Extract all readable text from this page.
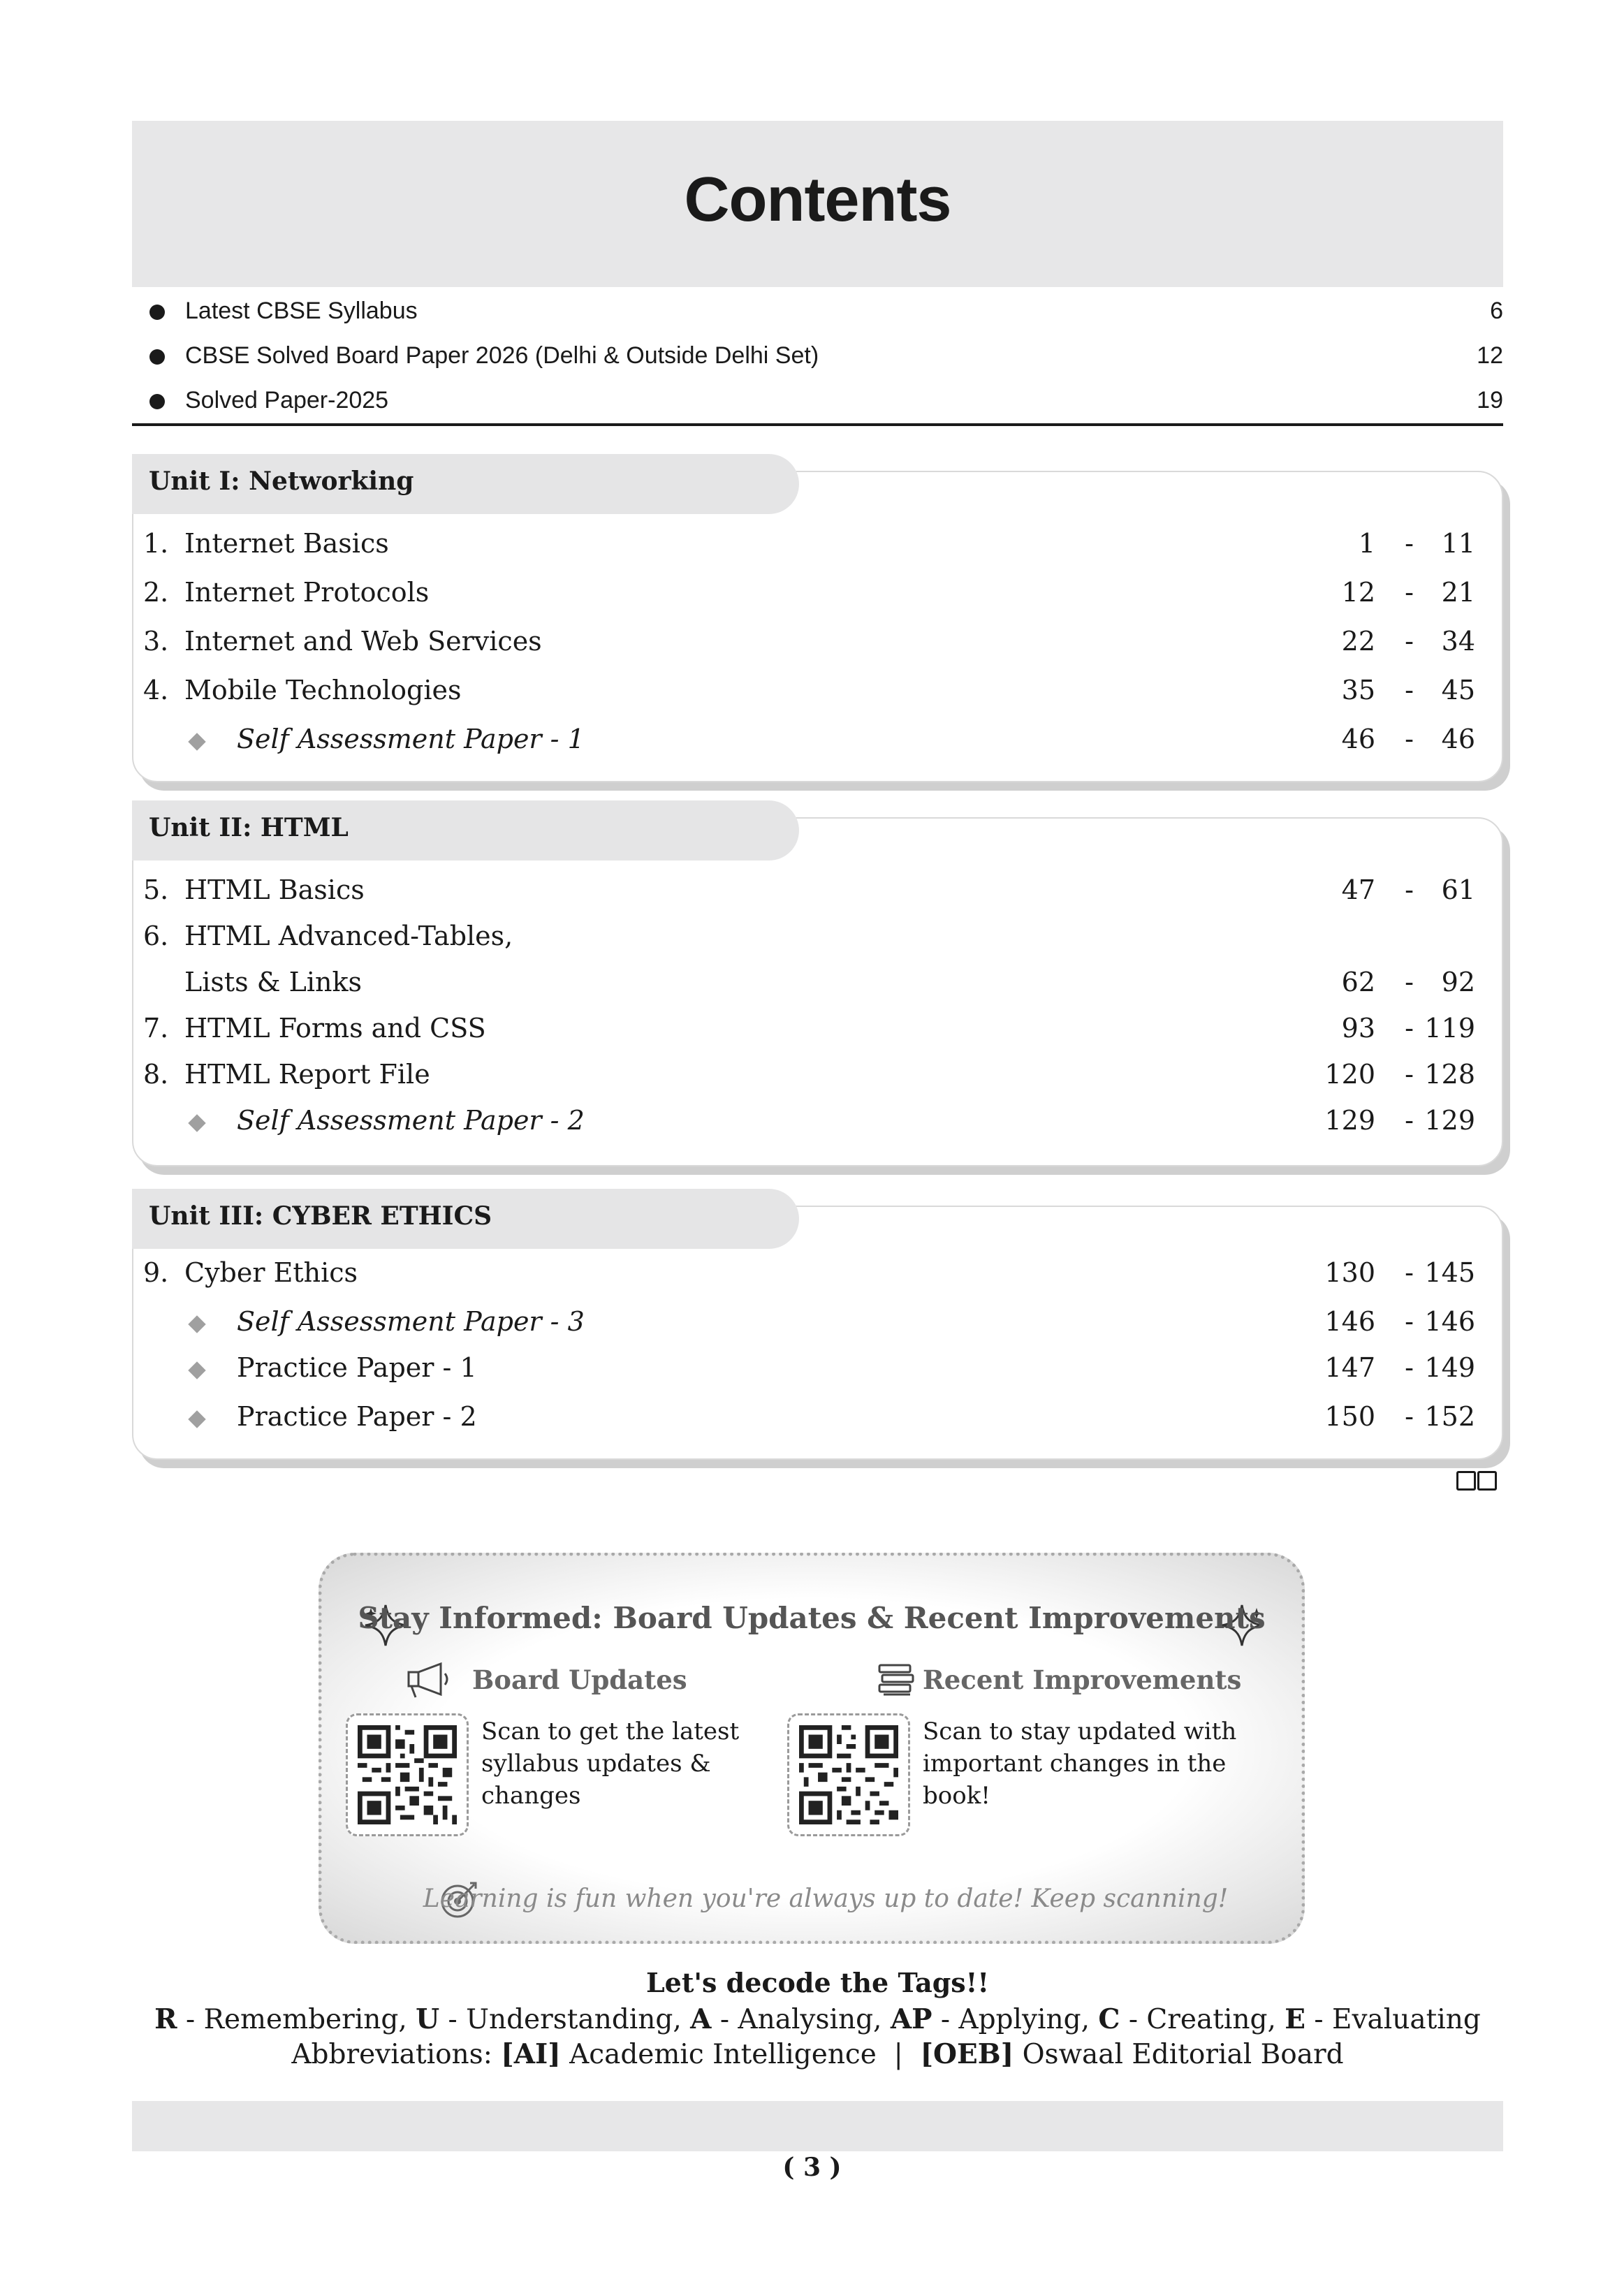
Contents
Latest CBSE Syllabus	6
CBSE Solved Board Paper 2026 (Delhi & Outside Delhi Set)	12
Solved Paper-2025	19
Unit I: Networking
1. Internet Basics	1 - 11
2. Internet Protocols	12 - 21
3. Internet and Web Services	22 - 34
4. Mobile Technologies	35 - 45
Self Assessment Paper - 1	46 - 46
Unit II: HTML
5. HTML Basics	47 - 61
6. HTML Advanced-Tables,
Lists & Links	62 - 92
7. HTML Forms and CSS	93 - 119
8. HTML Report File	120 - 128
Self Assessment Paper - 2	129 - 129
Unit III: CYBER ETHICS
9. Cyber Ethics	130 - 145
Self Assessment Paper - 3	146 - 146
Practice Paper - 1	147 - 149
Practice Paper - 2	150 - 152
Stay Informed: Board Updates & Recent Improvements
Board Updates
Scan to get the latest
syllabus updates &
changes
Recent Improvements
Scan to stay updated with
important changes in the
book!
Learning is fun when you're always up to date! Keep scanning!
Let's decode the Tags!!
R - Remembering, U - Understanding, A - Analysing, AP - Applying, C - Creating, E - Evaluating
Abbreviations: [AI] Academic Intelligence  |  [OEB] Oswaal Editorial Board
( 3 )
